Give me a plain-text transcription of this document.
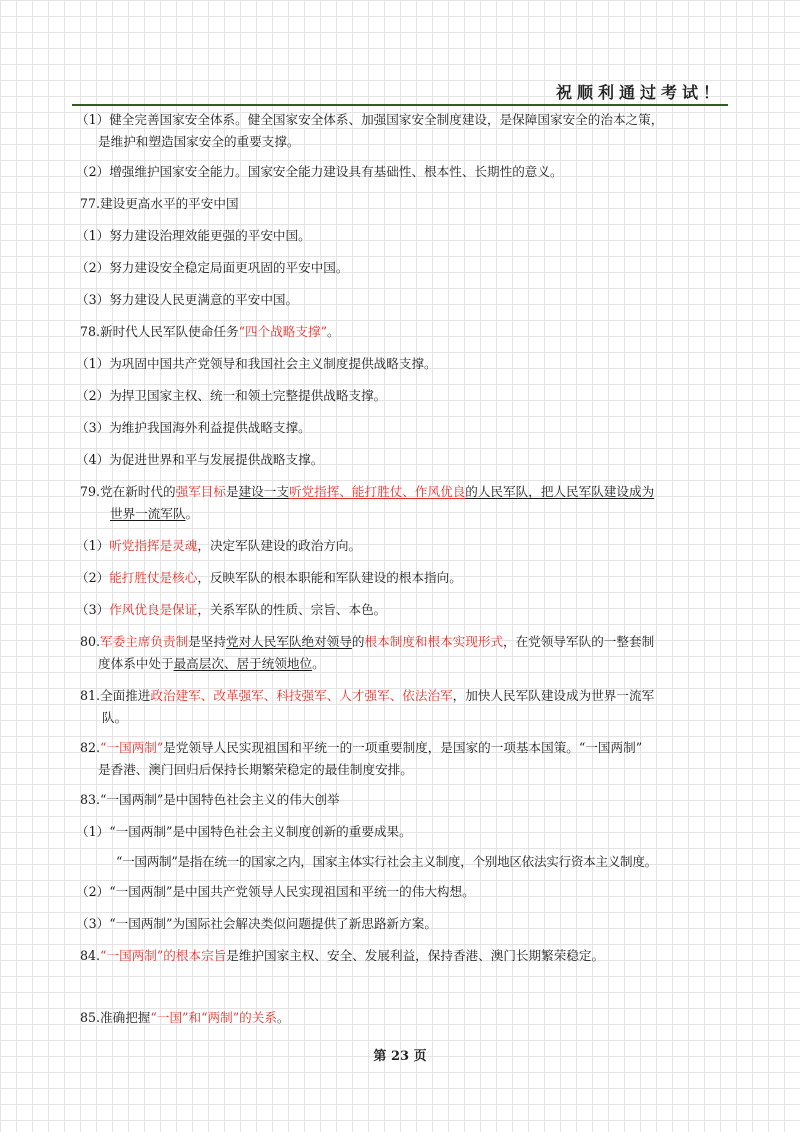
祝顺利通过考试！
（1）健全完善国家安全体系。健全国家安全体系、加强国家安全制度建设，是保障国家安全的治本之策，
是维护和塑造国家安全的重要支撑。
（2）增强维护国家安全能力。国家安全能力建设具有基础性、根本性、长期性的意义。
77.建设更高水平的平安中国
（1）努力建设治理效能更强的平安中国。
（2）努力建设安全稳定局面更巩固的平安中国。
（3）努力建设人民更满意的平安中国。
78.新时代人民军队使命任务“四个战略支撑”。
（1）为巩固中国共产党领导和我国社会主义制度提供战略支撑。
（2）为捍卫国家主权、统一和领土完整提供战略支撑。
（3）为维护我国海外利益提供战略支撑。
（4）为促进世界和平与发展提供战略支撑。
79.党在新时代的强军目标是建设一支听党指挥、能打胜仗、作风优良的人民军队，把人民军队建设成为
世界一流军队。
（1）听党指挥是灵魂，决定军队建设的政治方向。
（2）能打胜仗是核心，反映军队的根本职能和军队建设的根本指向。
（3）作风优良是保证，关系军队的性质、宗旨、本色。
80.军委主席负责制是坚持党对人民军队绝对领导的根本制度和根本实现形式，在党领导军队的一整套制
度体系中处于最高层次、居于统领地位。
81.全面推进政治建军、改革强军、科技强军、人才强军、依法治军，加快人民军队建设成为世界一流军
队。
82.“一国两制”是党领导人民实现祖国和平统一的一项重要制度，是国家的一项基本国策。“一国两制”
是香港、澳门回归后保持长期繁荣稳定的最佳制度安排。
83.“一国两制”是中国特色社会主义的伟大创举
（1）“一国两制”是中国特色社会主义制度创新的重要成果。
“一国两制”是指在统一的国家之内，国家主体实行社会主义制度，个别地区依法实行资本主义制度。
（2）“一国两制”是中国共产党领导人民实现祖国和平统一的伟大构想。
（3）“一国两制”为国际社会解决类似问题提供了新思路新方案。
84.“一国两制”的根本宗旨是维护国家主权、安全、发展利益，保持香港、澳门长期繁荣稳定。
85.准确把握“一国”和“两制”的关系。
第 23 页
